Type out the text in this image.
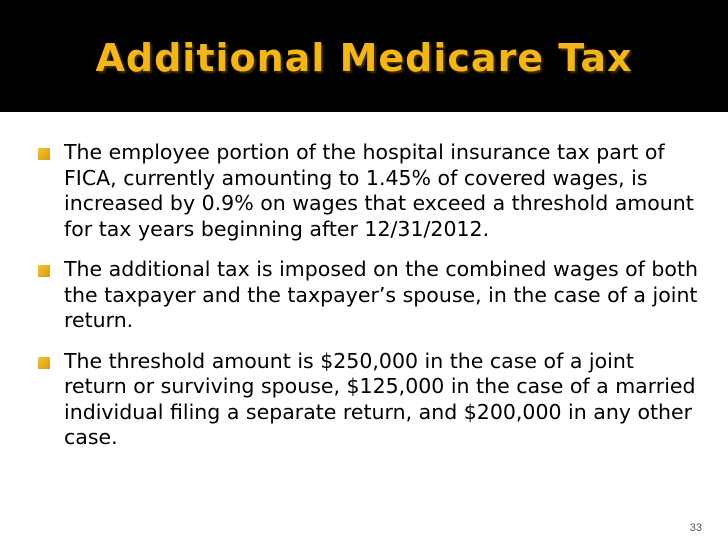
Additional Medicare Tax
The employee portion of the hospital insurance tax part of FICA, currently amounting to 1.45% of covered wages, is increased by 0.9% on wages that exceed a threshold amount for tax years beginning after 12/31/2012.
The additional tax is imposed on the combined wages of both the taxpayer and the taxpayer’s spouse, in the case of a joint return.
The threshold amount is $250,000 in the case of a joint return or surviving spouse, $125,000 in the case of a married individual filing a separate return, and $200,000 in any other case.
33
